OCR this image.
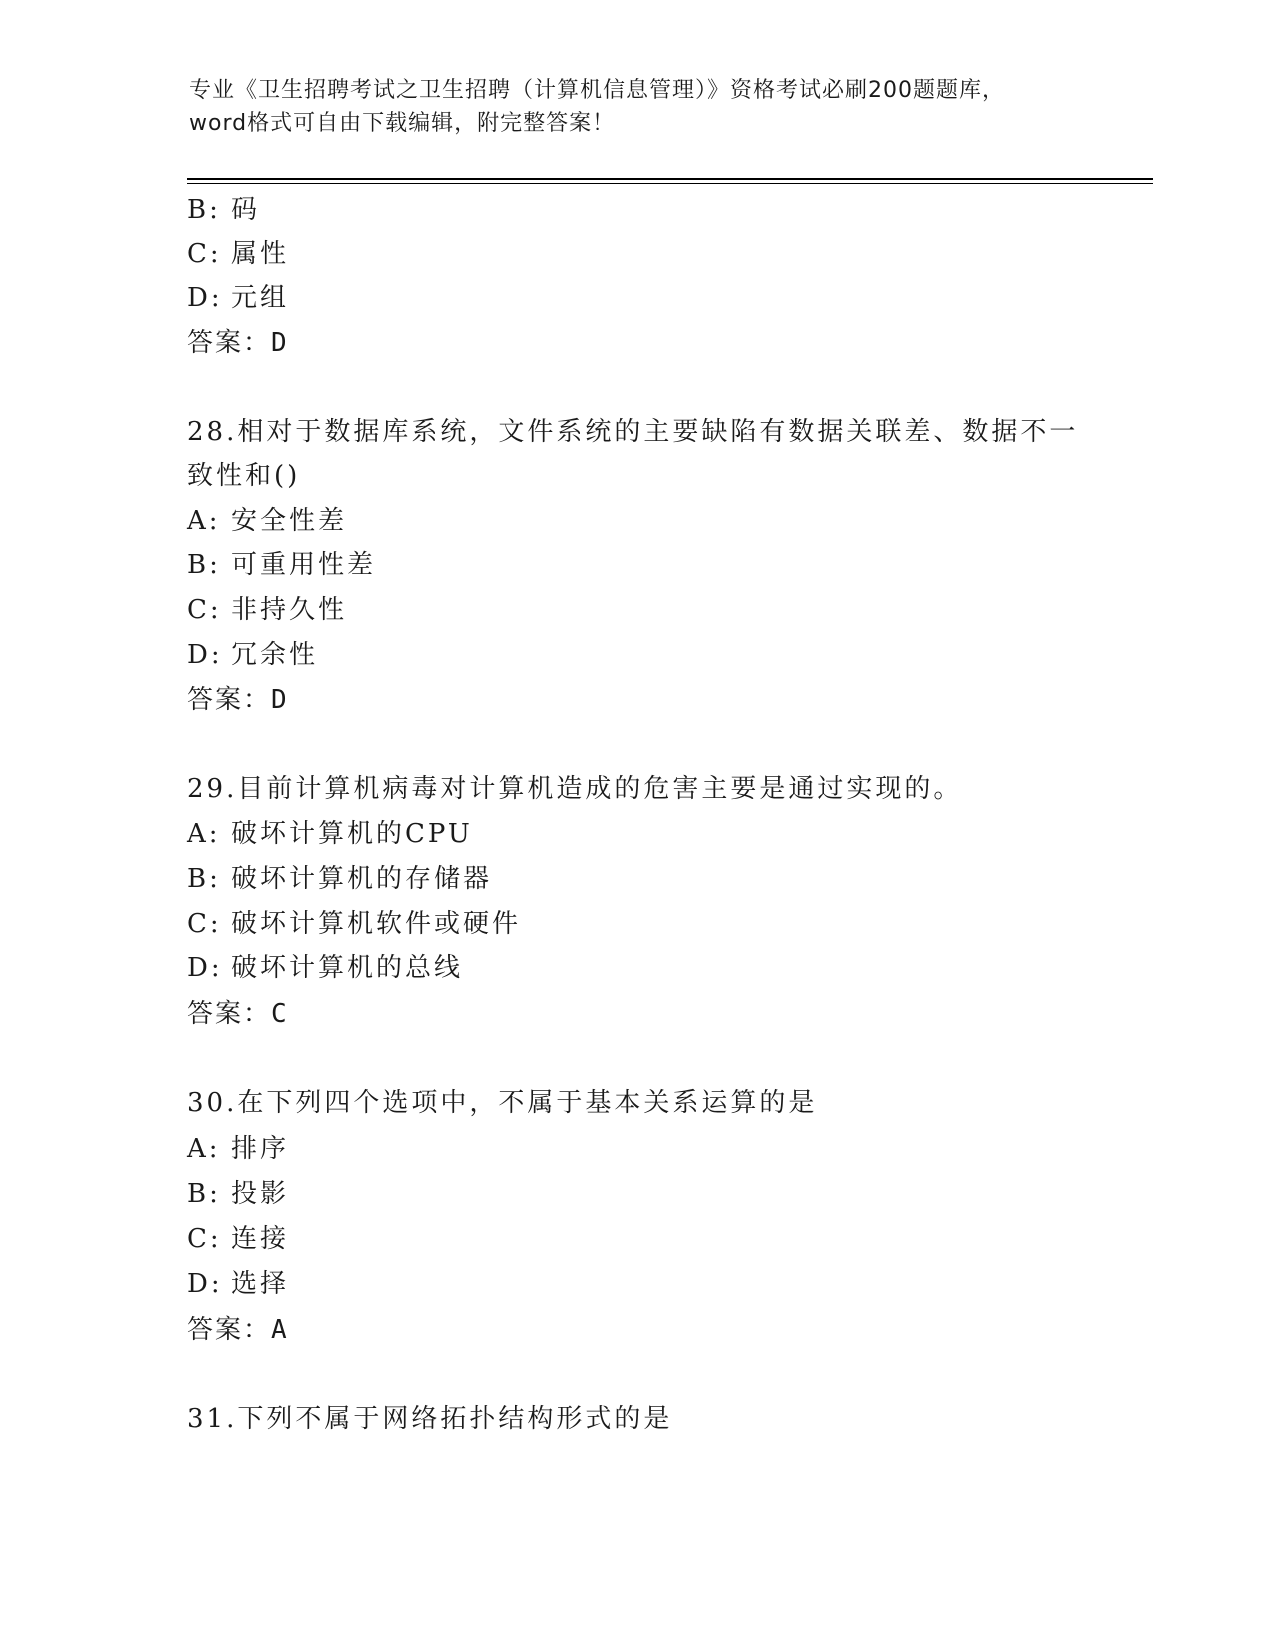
专业《卫生招聘考试之卫生招聘（计算机信息管理）》资格考试必刷200题题库，
word格式可自由下载编辑，附完整答案！
B: 码
C: 属性
D: 元组
答案：D
28.相对于数据库系统，文件系统的主要缺陷有数据关联差、数据不一
致性和()
A: 安全性差
B: 可重用性差
C: 非持久性
D: 冗余性
答案：D
29.目前计算机病毒对计算机造成的危害主要是通过实现的。
A: 破坏计算机的CPU
B: 破坏计算机的存储器
C: 破坏计算机软件或硬件
D: 破坏计算机的总线
答案：C
30.在下列四个选项中，不属于基本关系运算的是
A: 排序
B: 投影
C: 连接
D: 选择
答案：A
31.下列不属于网络拓扑结构形式的是
